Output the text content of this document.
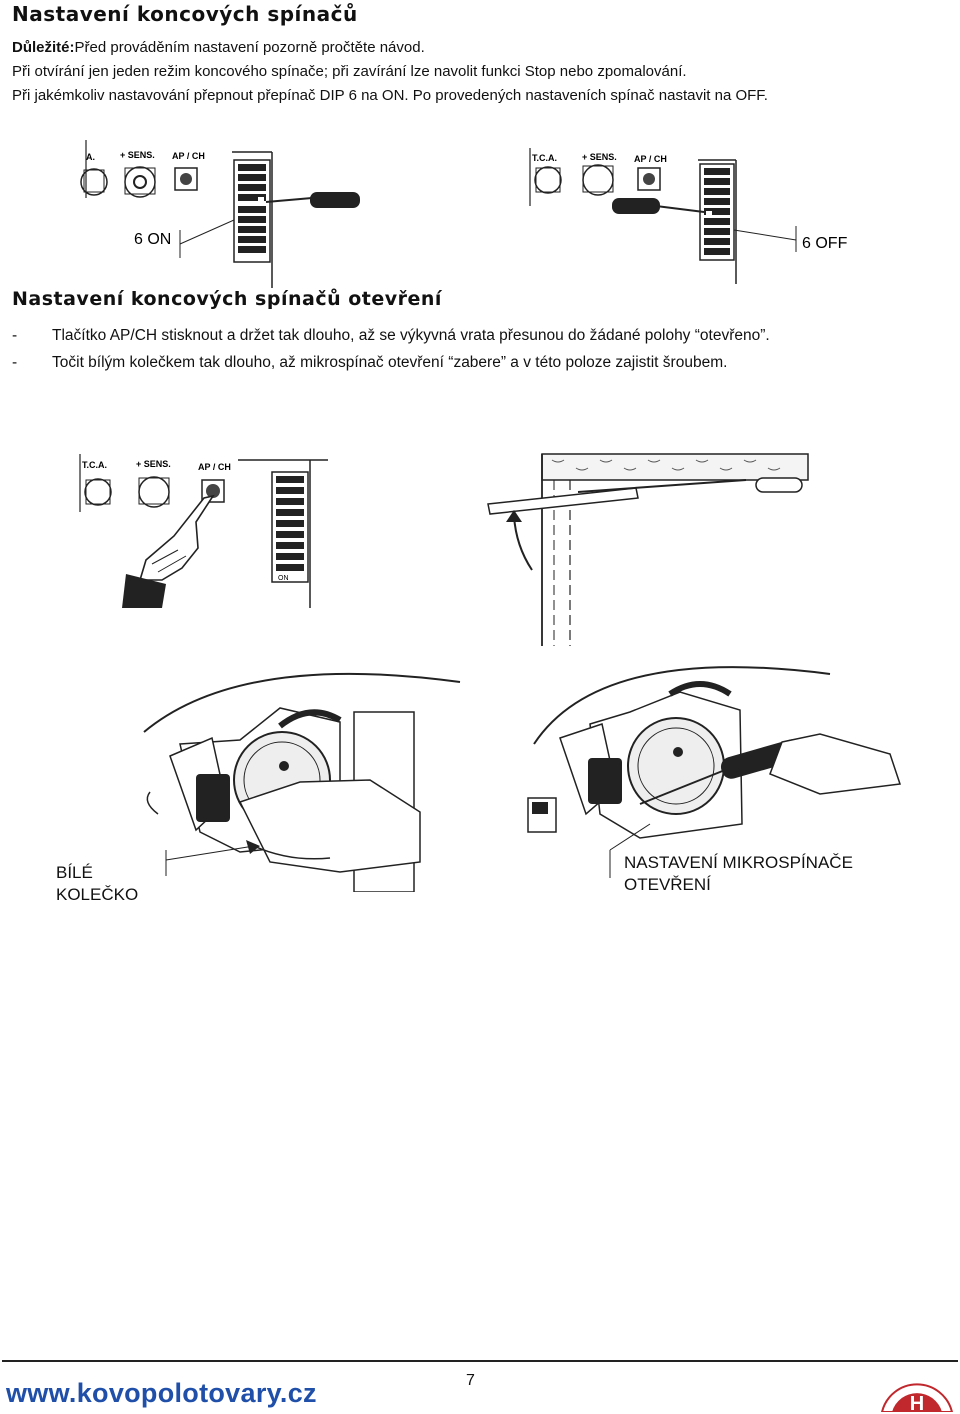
Nastavení koncových spínačů
Důležité:Před prováděním nastavení pozorně pročtěte návod.
Při otvírání jen jeden režim koncového spínače; při zavírání lze navolit funkci Stop nebo zpomalování.
Při jakémkoliv nastavování přepnout přepínač DIP 6 na ON. Po provedených nastaveních spínač nastavit na OFF.
A.	+ SENS. AP / CH
6 ON
T.C.A.	+ SENS. AP / CH
6 OFF
Nastavení koncových spínačů otevření
-	Tlačítko AP/CH stisknout a držet tak dlouho, až se výkyvná vrata přesunou do žádané polohy “otevřeno”.
-	Točit bílým kolečkem tak dlouho, až mikrospínač otevření “zabere” a v této poloze zajistit šroubem.
T.C.A.	+ SENS.	AP / CH
ON
BÍLÉ
KOLEČKO
NASTAVENÍ MIKROSPÍNAČE
OTEVŘENÍ
www.kovopolotovary.cz	7
H
